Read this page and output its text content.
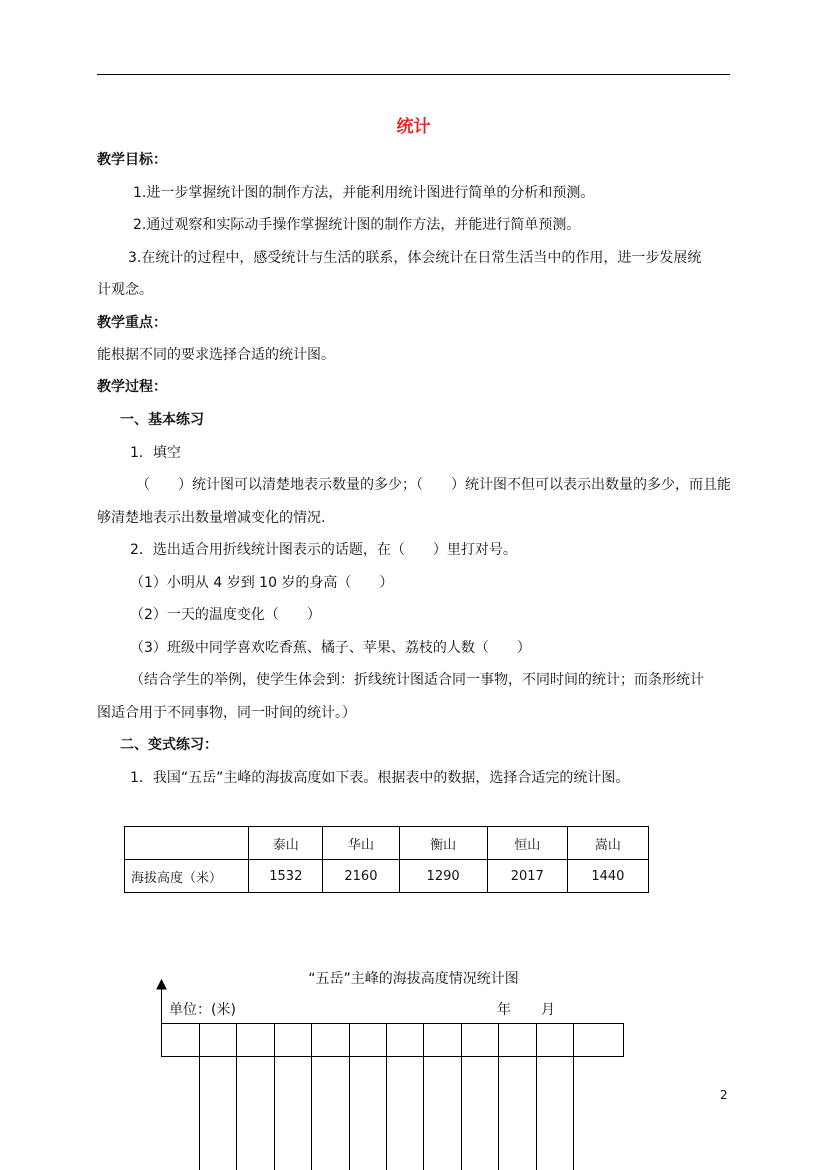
统计
教学目标：
1.进一步掌握统计图的制作方法，并能利用统计图进行简单的分析和预测。
2.通过观察和实际动手操作掌握统计图的制作方法，并能进行简单预测。
3.在统计的过程中，感受统计与生活的联系，体会统计在日常生活当中的作用，进一步发展统
计观念。
教学重点：
能根据不同的要求选择合适的统计图。
教学过程：
一、基本练习
1．填空
（　　）统计图可以清楚地表示数量的多少；（　　）统计图不但可以表示出数量的多少，而且能
够清楚地表示出数量增减变化的情况.
2．选出适合用折线统计图表示的话题，在（　　）里打对号。
（1）小明从 4 岁到 10 岁的身高（　　）
（2）一天的温度变化（　　）
（3）班级中同学喜欢吃香蕉、橘子、苹果、荔枝的人数（　　）
（结合学生的举例，使学生体会到：折线统计图适合同一事物，不同时间的统计；而条形统计
图适合用于不同事物，同一时间的统计。）
二、变式练习：
1．我国“五岳”主峰的海拔高度如下表。根据表中的数据，选择合适完的统计图。
	泰山	华山	衡山	恒山	嵩山
海拔高度（米）	1532	2160	1290	2017	1440
“五岳”主峰的海拔高度情况统计图
单位：(米)	年 月
2
